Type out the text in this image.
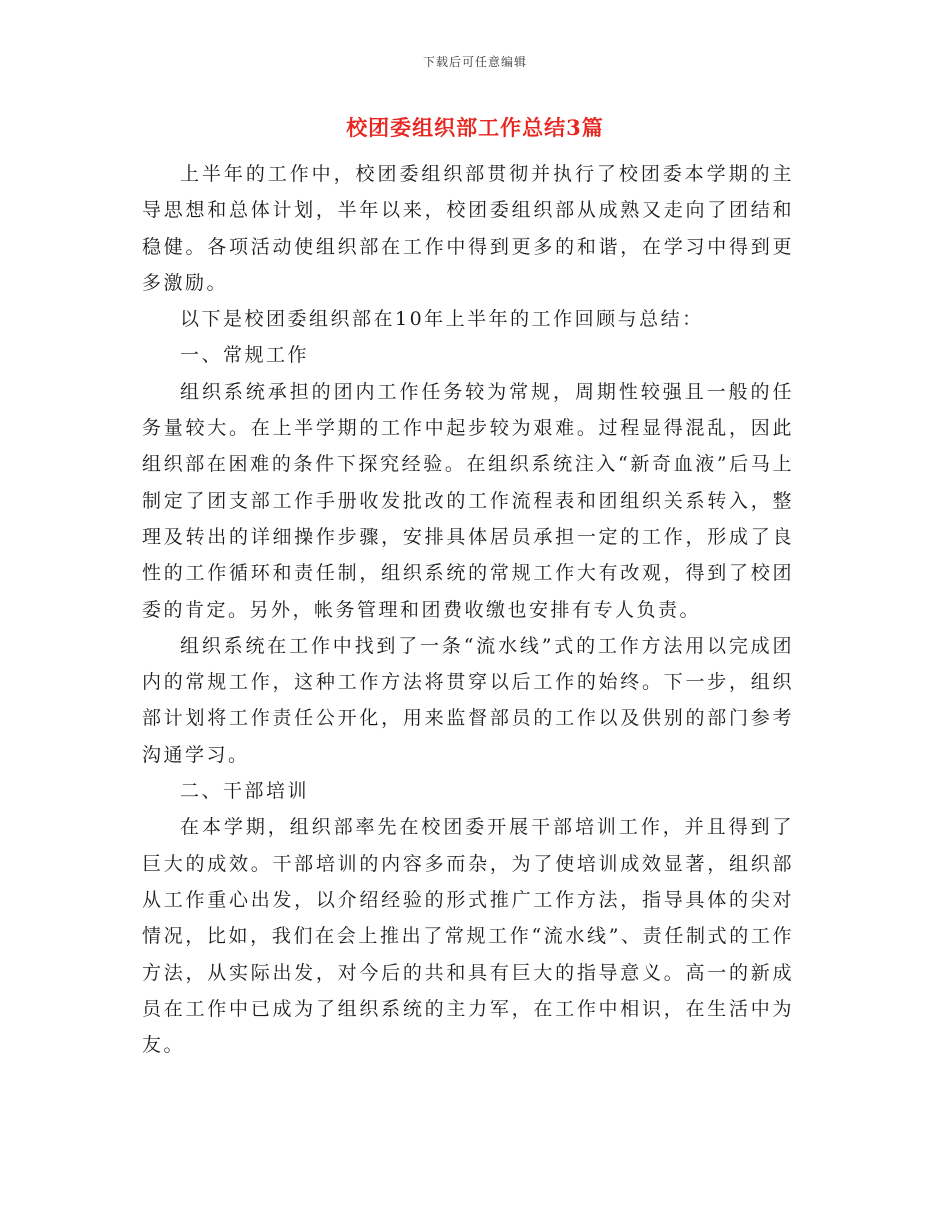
下载后可任意编辑
校团委组织部工作总结3篇

上半年的工作中，校团委组织部贯彻并执行了校团委本学期的主导思想和总体计划，半年以来，校团委组织部从成熟又走向了团结和稳健。各项活动使组织部在工作中得到更多的和谐，在学习中得到更多激励。

以下是校团委组织部在10年上半年的工作回顾与总结：

一、常规工作

组织系统承担的团内工作任务较为常规，周期性较强且一般的任务量较大。在上半学期的工作中起步较为艰难。过程显得混乱，因此组织部在困难的条件下探究经验。在组织系统注入“新奇血液”后马上制定了团支部工作手册收发批改的工作流程表和团组织关系转入，整理及转出的详细操作步骤，安排具体居员承担一定的工作，形成了良性的工作循环和责任制，组织系统的常规工作大有改观，得到了校团委的肯定。另外，帐务管理和团费收缴也安排有专人负责。

组织系统在工作中找到了一条“流水线”式的工作方法用以完成团内的常规工作，这种工作方法将贯穿以后工作的始终。下一步，组织部计划将工作责任公开化，用来监督部员的工作以及供别的部门参考沟通学习。

二、干部培训

在本学期，组织部率先在校团委开展干部培训工作，并且得到了巨大的成效。干部培训的内容多而杂，为了使培训成效显著，组织部从工作重心出发，以介绍经验的形式推广工作方法，指导具体的尖对情况，比如，我们在会上推出了常规工作“流水线”、责任制式的工作方法，从实际出发，对今后的共和具有巨大的指导意义。高一的新成员在工作中已成为了组织系统的主力军，在工作中相识，在生活中为友。
